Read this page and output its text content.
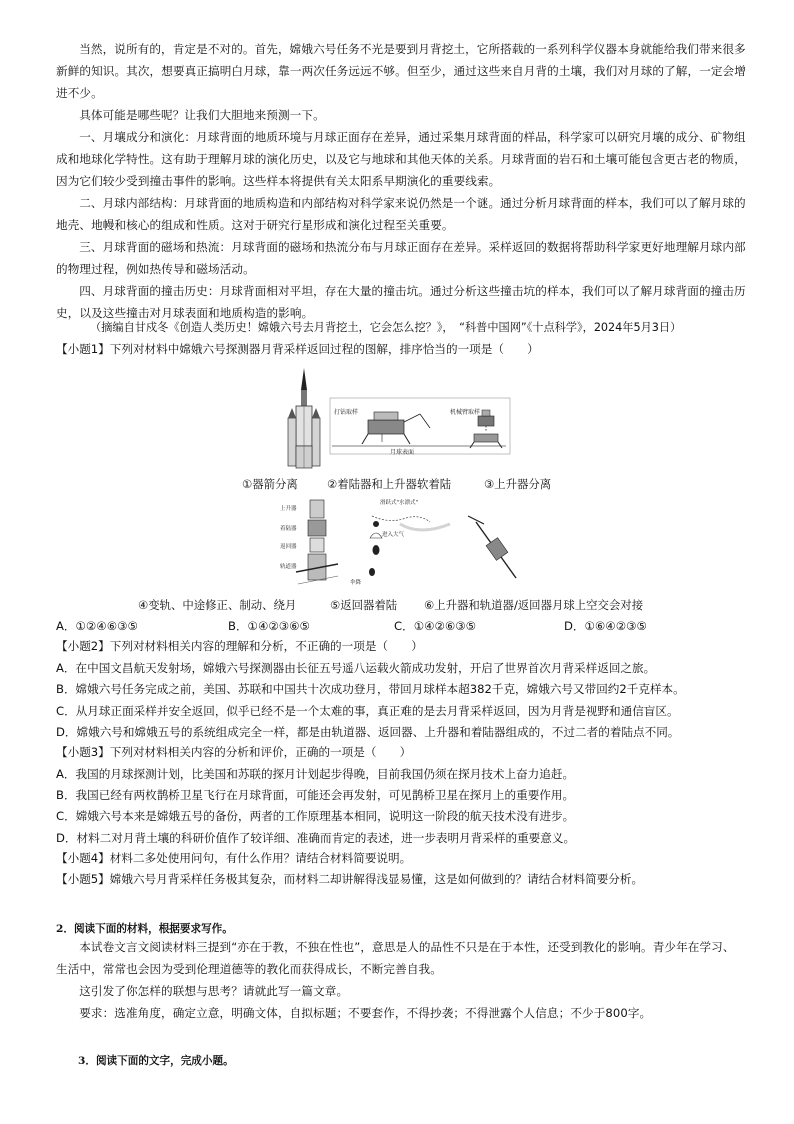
当然，说所有的，肯定是不对的。首先，嫦娥六号任务不光是要到月背挖土，它所搭载的一系列科学仪器本身就能给我们带来很多新鲜的知识。其次，想要真正搞明白月球，靠一两次任务远远不够。但至少，通过这些来自月背的土壤，我们对月球的了解，一定会增进不少。
具体可能是哪些呢？让我们大胆地来预测一下。
一、月壤成分和演化：月球背面的地质环境与月球正面存在差异，通过采集月球背面的样品，科学家可以研究月壤的成分、矿物组成和地球化学特性。这有助于理解月球的演化历史，以及它与地球和其他天体的关系。月球背面的岩石和土壤可能包含更古老的物质，因为它们较少受到撞击事件的影响。这些样本将提供有关太阳系早期演化的重要线索。
二、月球内部结构：月球背面的地质构造和内部结构对科学家来说仍然是一个谜。通过分析月球背面的样本，我们可以了解月球的地壳、地幔和核心的组成和性质。这对于研究行星形成和演化过程至关重要。
三、月球背面的磁场和热流：月球背面的磁场和热流分布与月球正面存在差异。采样返回的数据将帮助科学家更好地理解月球内部的物理过程，例如热传导和磁场活动。
四、月球背面的撞击历史：月球背面相对平坦，存在大量的撞击坑。通过分析这些撞击坑的样本，我们可以了解月球背面的撞击历史，以及这些撞击对月球表面和地质构造的影响。
（摘编自甘戍冬《创造人类历史！嫦娥六号去月背挖土，它会怎么挖？》，　“科普中国网”《十点科学》，2024年5月3日）
【小题1】下列对材料中嫦娥六号探测器月背采样返回过程的图解，排序恰当的一项是（　　）
打钻取样	机械臂取样
月球表面
①器箭分离	②着陆器和上升器软着陆	③上升器分离
上升器
着陆器
返回器
轨道器
滑跃式"水漂式"
进入大气
伞降
④变轨、中途修正、制动、绕月	⑤返回器着陆 ⑥上升器和轨道器/返回器月球上空交会对接
A．①②④⑥③⑤	B．①④②③⑥⑤	C．①④②⑥③⑤	D．①⑥④②③⑤
【小题2】下列对材料相关内容的理解和分析，不正确的一项是（　　）
A．在中国文昌航天发射场，嫦娥六号探测器由长征五号遥八运载火箭成功发射，开启了世界首次月背采样返回之旅。
B．嫦娥六号任务完成之前，美国、苏联和中国共十次成功登月，带回月球样本超382千克，嫦娥六号又带回约2千克样本。
C．从月球正面采样并安全返回，似乎已经不是一个太难的事，真正难的是去月背采样返回，因为月背是视野和通信盲区。
D．嫦娥六号和嫦娥五号的系统组成完全一样，都是由轨道器、返回器、上升器和着陆器组成的，不过二者的着陆点不同。
【小题3】下列对材料相关内容的分析和评价，正确的一项是（　　）
A．我国的月球探测计划，比美国和苏联的探月计划起步得晚，目前我国仍须在探月技术上奋力追赶。
B．我国已经有两枚鹊桥卫星飞行在月球背面，可能还会再发射，可见鹊桥卫星在探月上的重要作用。
C．嫦娥六号本来是嫦娥五号的备份，两者的工作原理基本相同，说明这一阶段的航天技术没有进步。
D．材料二对月背土壤的科研价值作了较详细、准确而肯定的表述，进一步表明月背采样的重要意义。
【小题4】材料二多处使用问句，有什么作用？请结合材料简要说明。
【小题5】嫦娥六号月背采样任务极其复杂，而材料二却讲解得浅显易懂，这是如何做到的？请结合材料简要分析。
2．阅读下面的材料，根据要求写作。
本试卷文言文阅读材料三提到“亦在于教，不独在性也”，意思是人的品性不只是在于本性，还受到教化的影响。青少年在学习、生活中，常常也会因为受到伦理道德等的教化而获得成长，不断完善自我。
这引发了你怎样的联想与思考？请就此写一篇文章。
要求：选准角度，确定立意，明确文体，自拟标题；不要套作，不得抄袭；不得泄露个人信息；不少于800字。
3．阅读下面的文字，完成小题。
